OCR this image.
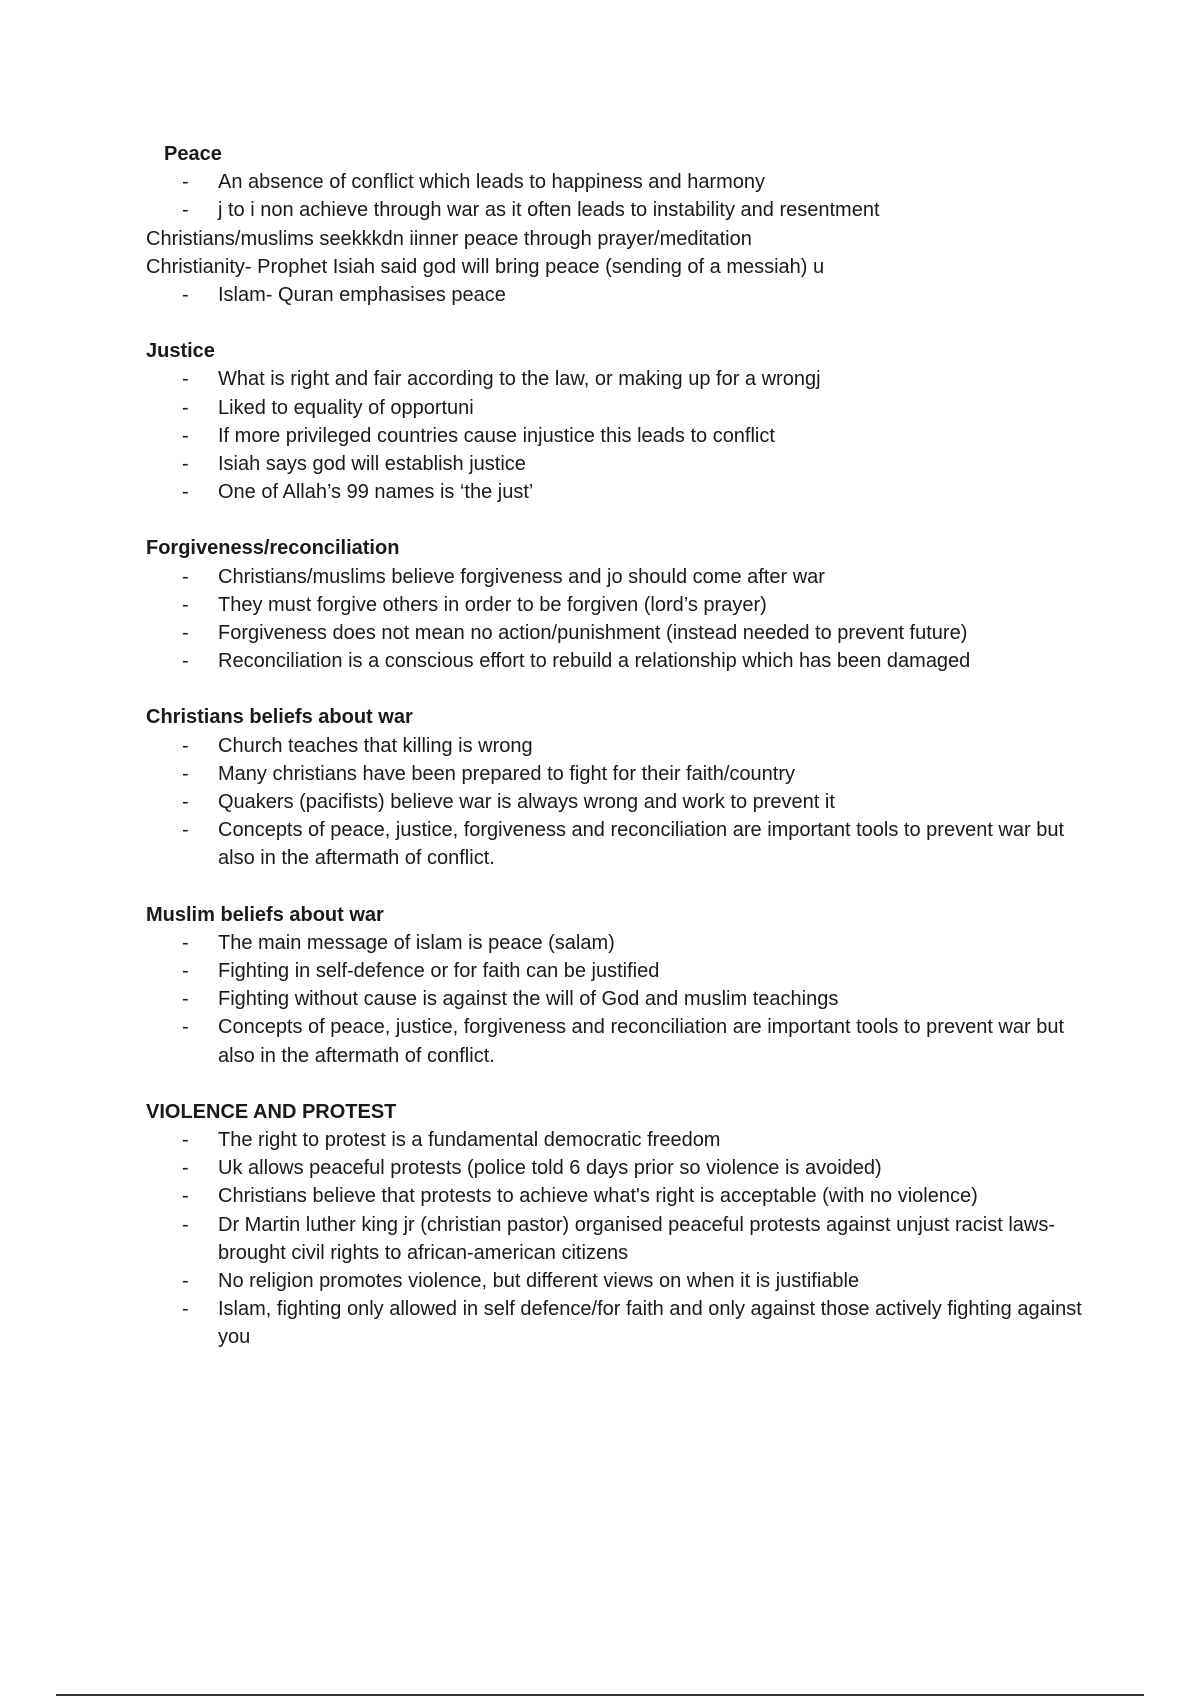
Peace

- An absence of conflict which leads to happiness and harmony
- j to i non achieve through war as it often leads to instability and resentment

Christians/muslims seekkkdn iinner peace through prayer/meditation

Christianity- Prophet Isiah said god will bring peace (sending of a messiah) u

- Islam- Quran emphasises peace

Justice

- What is right and fair according to the law, or making up for a wrongj
- Liked to equality of opportuni
- If more privileged countries cause injustice this leads to conflict
- Isiah says god will establish justice
- One of Allah’s 99 names is ‘the just’

Forgiveness/reconciliation

- Christians/muslims believe forgiveness and jo should come after war
- They must forgive others in order to be forgiven (lord’s prayer)
- Forgiveness does not mean no action/punishment (instead needed to prevent future)
- Reconciliation is a conscious effort to rebuild a relationship which has been damaged

Christians beliefs about war

- Church teaches that killing is wrong
- Many christians have been prepared to fight for their faith/country
- Quakers (pacifists) believe war is always wrong and work to prevent it
- Concepts of peace, justice, forgiveness and reconciliation are important tools to prevent war but also in the aftermath of conflict.

Muslim beliefs about war

- The main message of islam is peace (salam)
- Fighting in self-defence or for faith can be justified
- Fighting without cause is against the will of God and muslim teachings
- Concepts of peace, justice, forgiveness and reconciliation are important tools to prevent war but also in the aftermath of conflict.

VIOLENCE AND PROTEST

- The right to protest is a fundamental democratic freedom
- Uk allows peaceful protests (police told 6 days prior so violence is avoided)
- Christians believe that protests to achieve what's right is acceptable (with no violence)
- Dr Martin luther king jr (christian pastor) organised peaceful protests against unjust racist laws- brought civil rights to african-american citizens
- No religion promotes violence, but different views on when it is justifiable
- Islam, fighting only allowed in self defence/for faith and only against those actively fighting against you
